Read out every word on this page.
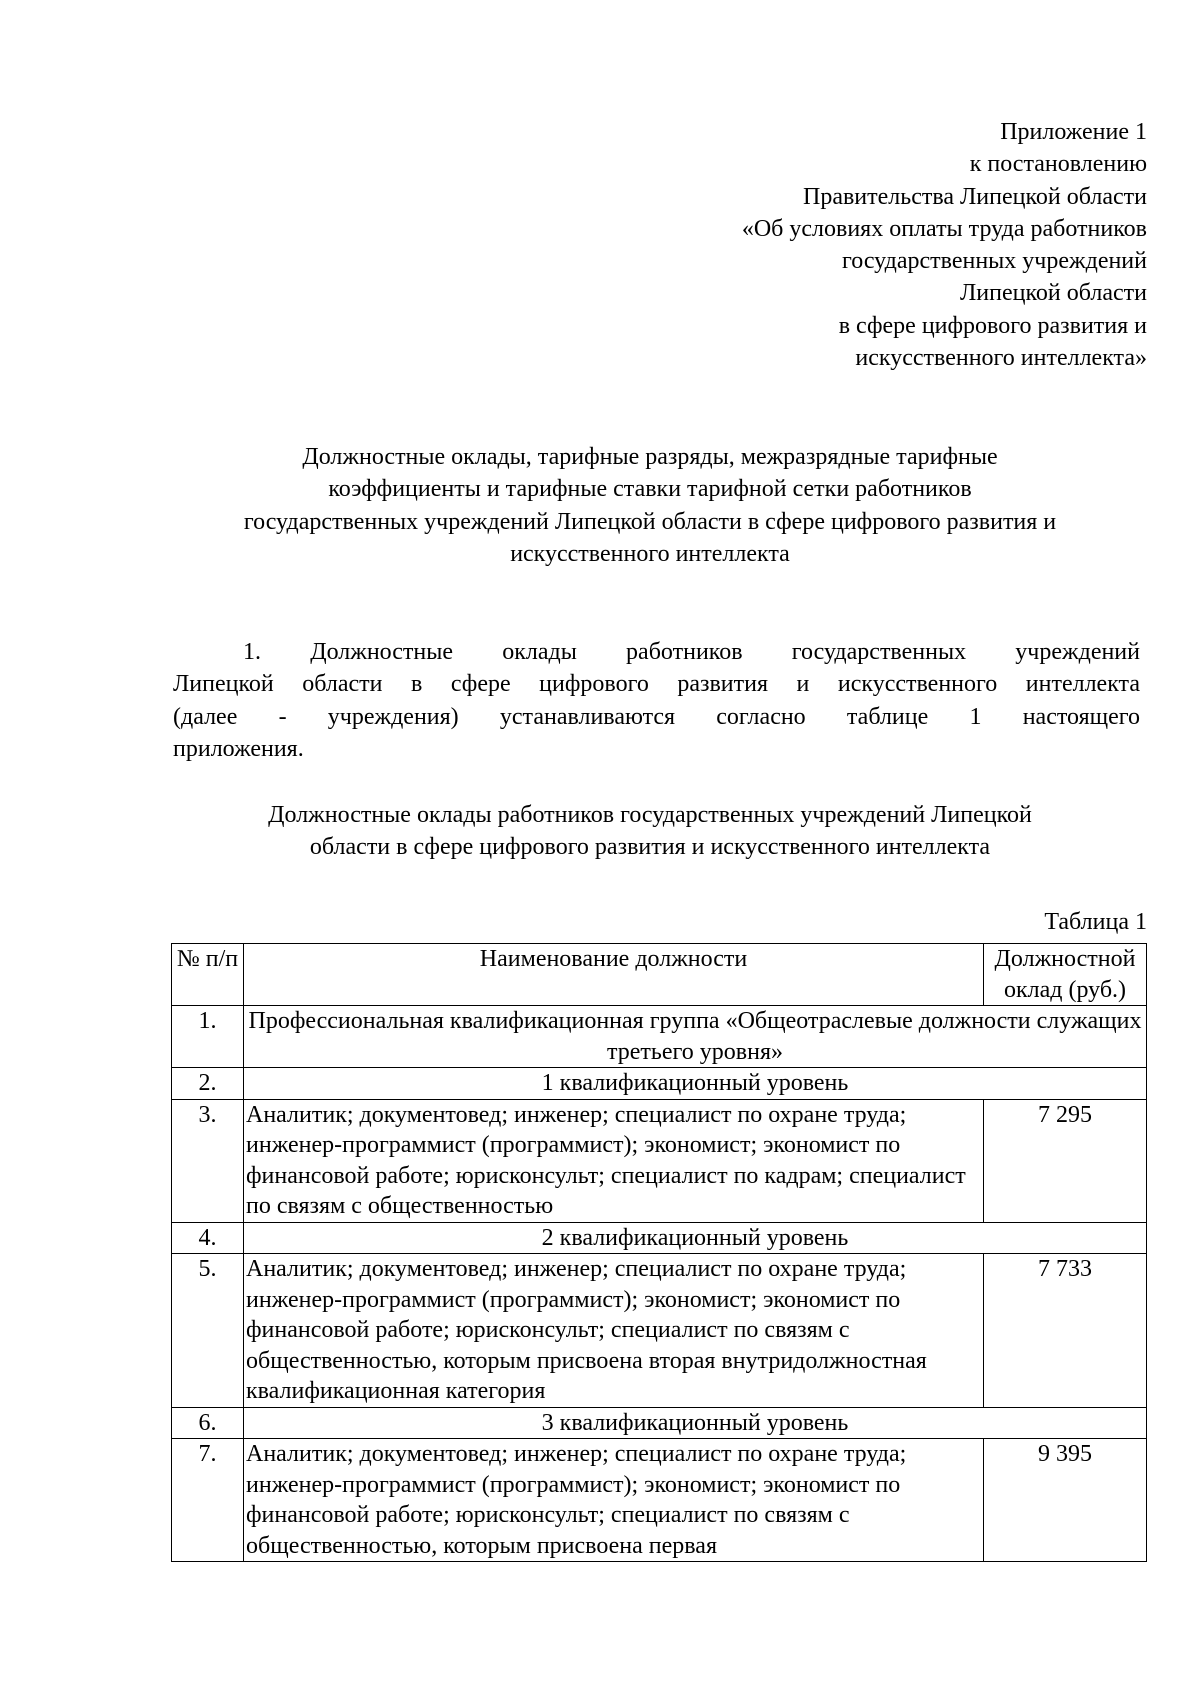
Приложение 1
к постановлению
Правительства Липецкой области
«Об условиях оплаты труда работников
государственных учреждений
Липецкой области
в сфере цифрового развития и
искусственного интеллекта»
Должностные оклады, тарифные разряды, межразрядные тарифные
коэффициенты и тарифные ставки тарифной сетки работников
государственных учреждений Липецкой области в сфере цифрового развития и
искусственного интеллекта
1. Должностные оклады работников государственных учреждений
Липецкой области в сфере цифрового развития и искусственного интеллекта
(далее - учреждения) устанавливаются согласно таблице 1 настоящего
приложения.
Должностные оклады работников государственных учреждений Липецкой
области в сфере цифрового развития и искусственного интеллекта
Таблица 1
№ п/п	Наименование должности	Должностной оклад (руб.)
1.	Профессиональная квалификационная группа «Общеотраслевые должности служащих третьего уровня»	
2.	1 квалификационный уровень	
3.	Аналитик; документовед; инженер; специалист по охране труда; инженер-программист (программист); экономист; экономист по финансовой работе; юрисконсульт; специалист по кадрам; специалист по связям с общественностью	7 295
4.	2 квалификационный уровень	
5.	Аналитик; документовед; инженер; специалист по охране труда; инженер-программист (программист); экономист; экономист по финансовой работе; юрисконсульт; специалист по связям с общественностью, которым присвоена вторая внутридолжностная квалификационная категория	7 733
6.	3 квалификационный уровень	
7.	Аналитик; документовед; инженер; специалист по охране труда; инженер-программист (программист); экономист; экономист по финансовой работе; юрисконсульт; специалист по связям с общественностью, которым присвоена первая	9 395
